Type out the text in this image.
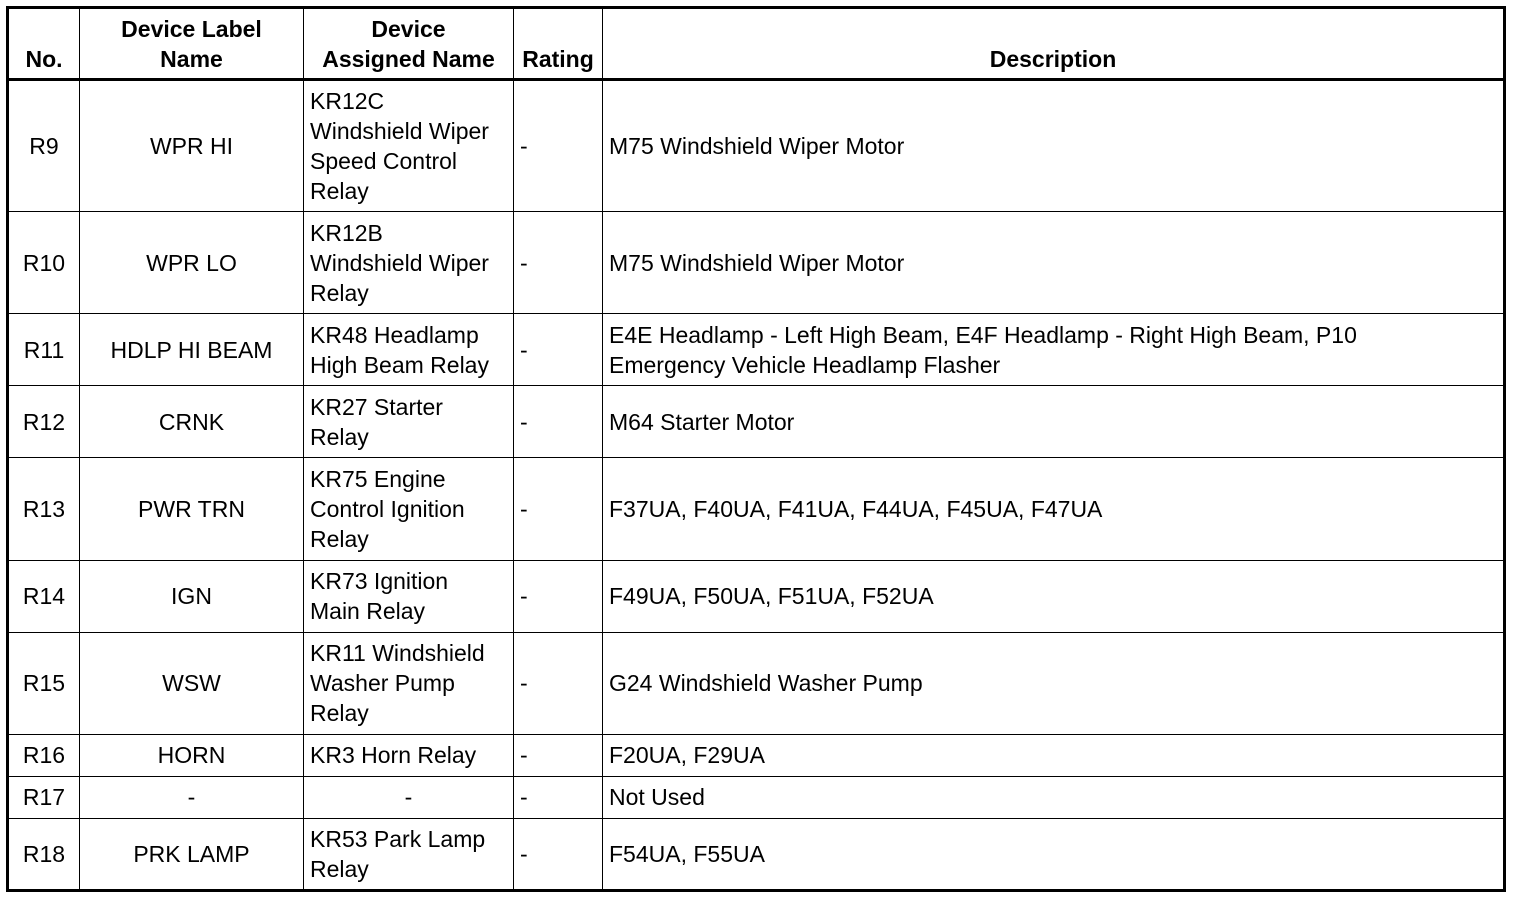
No.	Device Label
Name	Device
Assigned Name	Rating	Description
R9	WPR HI	KR12C
Windshield Wiper
Speed Control
Relay	-	M75 Windshield Wiper Motor
R10	WPR LO	KR12B
Windshield Wiper
Relay	-	M75 Windshield Wiper Motor
R11	HDLP HI BEAM	KR48 Headlamp
High Beam Relay	-	E4E Headlamp - Left High Beam, E4F Headlamp - Right High Beam, P10
Emergency Vehicle Headlamp Flasher
R12	CRNK	KR27 Starter
Relay	-	M64 Starter Motor
R13	PWR TRN	KR75 Engine
Control Ignition
Relay	-	F37UA, F40UA, F41UA, F44UA, F45UA, F47UA
R14	IGN	KR73 Ignition
Main Relay	-	F49UA, F50UA, F51UA, F52UA
R15	WSW	KR11 Windshield
Washer Pump
Relay	-	G24 Windshield Washer Pump
R16	HORN	KR3 Horn Relay	-	F20UA, F29UA
R17	-	-	-	Not Used
R18	PRK LAMP	KR53 Park Lamp
Relay	-	F54UA, F55UA
